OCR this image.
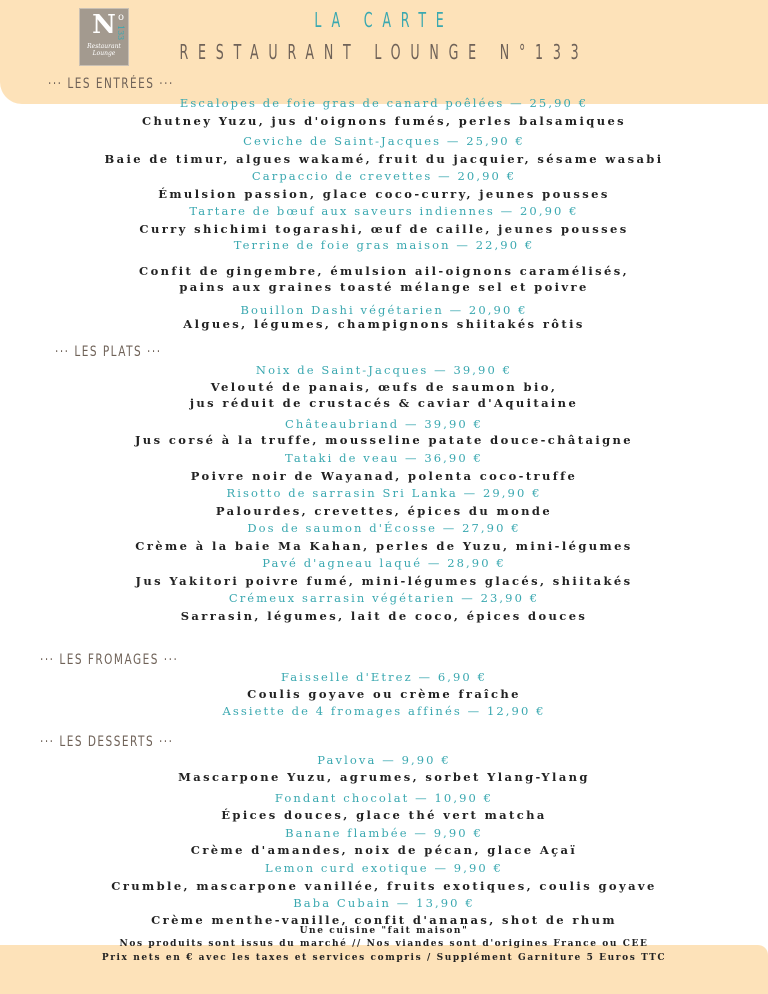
N o
133
Restaurant Lounge
LA CARTE
RESTAURANT LOUNGE N°133
··· LES ENTRÉES ···
Escalopes de foie gras de canard poêlées — 25,90 €
Chutney Yuzu, jus d'oignons fumés, perles balsamiques
Ceviche de Saint-Jacques — 25,90 €
Baie de timur, algues wakamé, fruit du jacquier, sésame wasabi
Carpaccio de crevettes — 20,90 €
Émulsion passion, glace coco-curry, jeunes pousses
Tartare de bœuf aux saveurs indiennes — 20,90 €
Curry shichimi togarashi, œuf de caille, jeunes pousses
Terrine de foie gras maison — 22,90 €
Confit de gingembre, émulsion ail-oignons caramélisés,
pains aux graines toasté mélange sel et poivre
Bouillon Dashi végétarien — 20,90 €
Algues, légumes, champignons shiitakés rôtis
··· LES PLATS ···
Noix de Saint-Jacques — 39,90 €
Velouté de panais, œufs de saumon bio,
jus réduit de crustacés & caviar d'Aquitaine
Châteaubriand — 39,90 €
Jus corsé à la truffe, mousseline patate douce-châtaigne
Tataki de veau — 36,90 €
Poivre noir de Wayanad, polenta coco-truffe
Risotto de sarrasin Sri Lanka — 29,90 €
Palourdes, crevettes, épices du monde
Dos de saumon d'Écosse — 27,90 €
Crème à la baie Ma Kahan, perles de Yuzu, mini-légumes
Pavé d'agneau laqué — 28,90 €
Jus Yakitori poivre fumé, mini-légumes glacés, shiitakés
Crémeux sarrasin végétarien — 23,90 €
Sarrasin, légumes, lait de coco, épices douces
··· LES FROMAGES ···
Faisselle d'Etrez — 6,90 €
Coulis goyave ou crème fraîche
Assiette de 4 fromages affinés — 12,90 €
··· LES DESSERTS ···
Pavlova — 9,90 €
Mascarpone Yuzu, agrumes, sorbet Ylang-Ylang
Fondant chocolat — 10,90 €
Épices douces, glace thé vert matcha
Banane flambée — 9,90 €
Crème d'amandes, noix de pécan, glace Açaï
Lemon curd exotique — 9,90 €
Crumble, mascarpone vanillée, fruits exotiques, coulis goyave
Baba Cubain — 13,90 €
Crème menthe-vanille, confit d'ananas, shot de rhum
Une cuisine "fait maison"
Nos produits sont issus du marché // Nos viandes sont d'origines France ou CEE
Prix nets en € avec les taxes et services compris / Supplément Garniture 5 Euros TTC
